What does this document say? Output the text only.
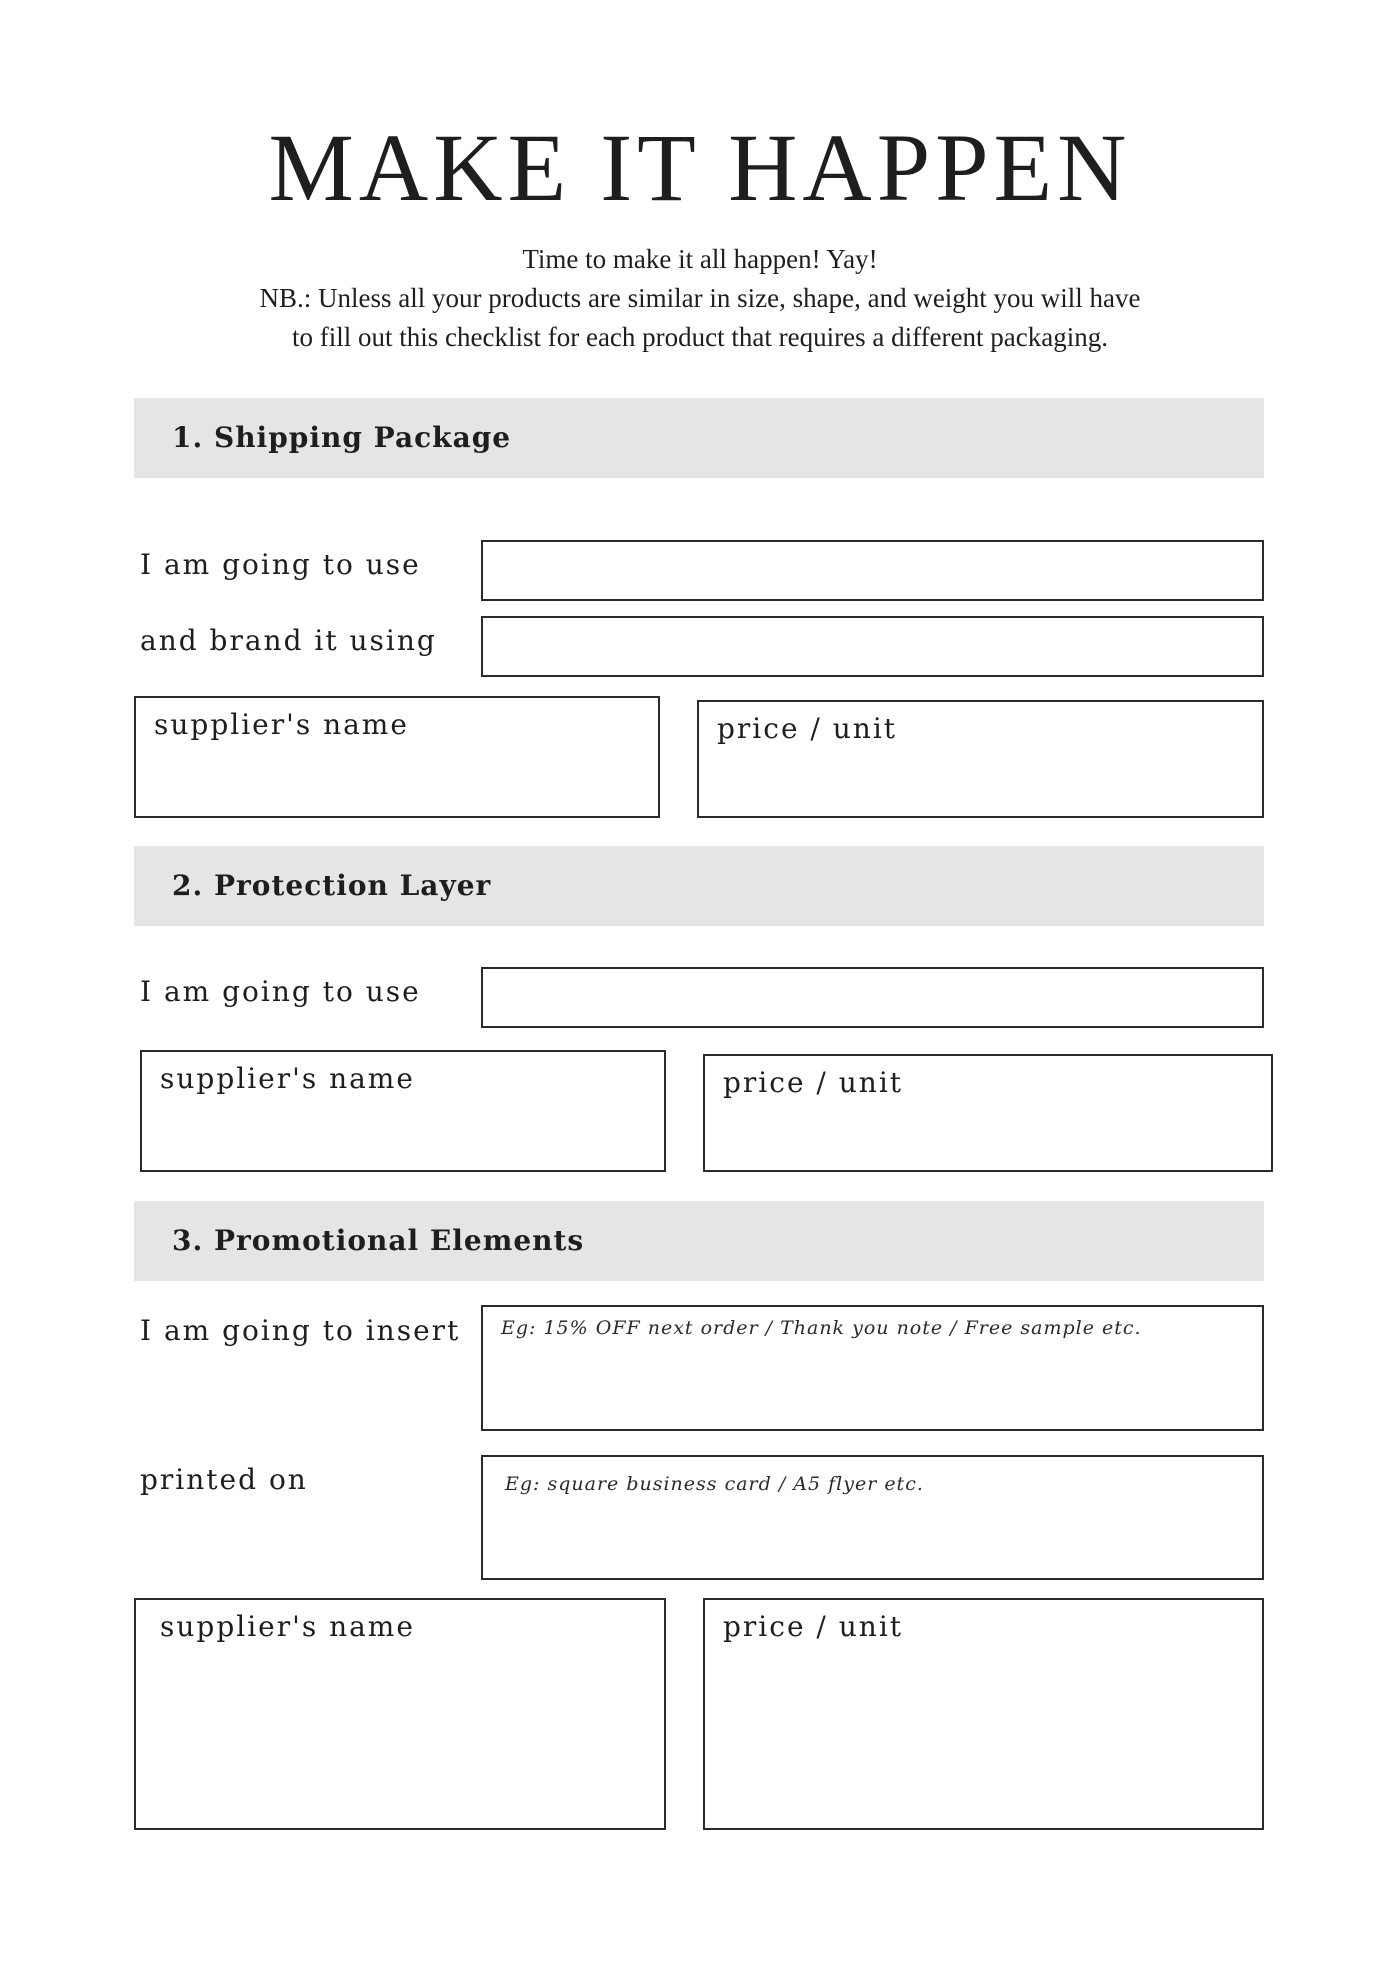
MAKE IT HAPPEN
Time to make it all happen! Yay!
NB.: Unless all your products are similar in size, shape, and weight you will have
to fill out this checklist for each product that requires a different packaging.
1. Shipping Package
I am going to use
and brand it using
supplier's name	price / unit
2. Protection Layer
I am going to use
supplier's name	price / unit
3. Promotional Elements
I am going to insert Eg: 15% OFF next order / Thank you note / Free sample etc.
printed on	Eg: square business card / A5 flyer etc.
supplier's name	price / unit
